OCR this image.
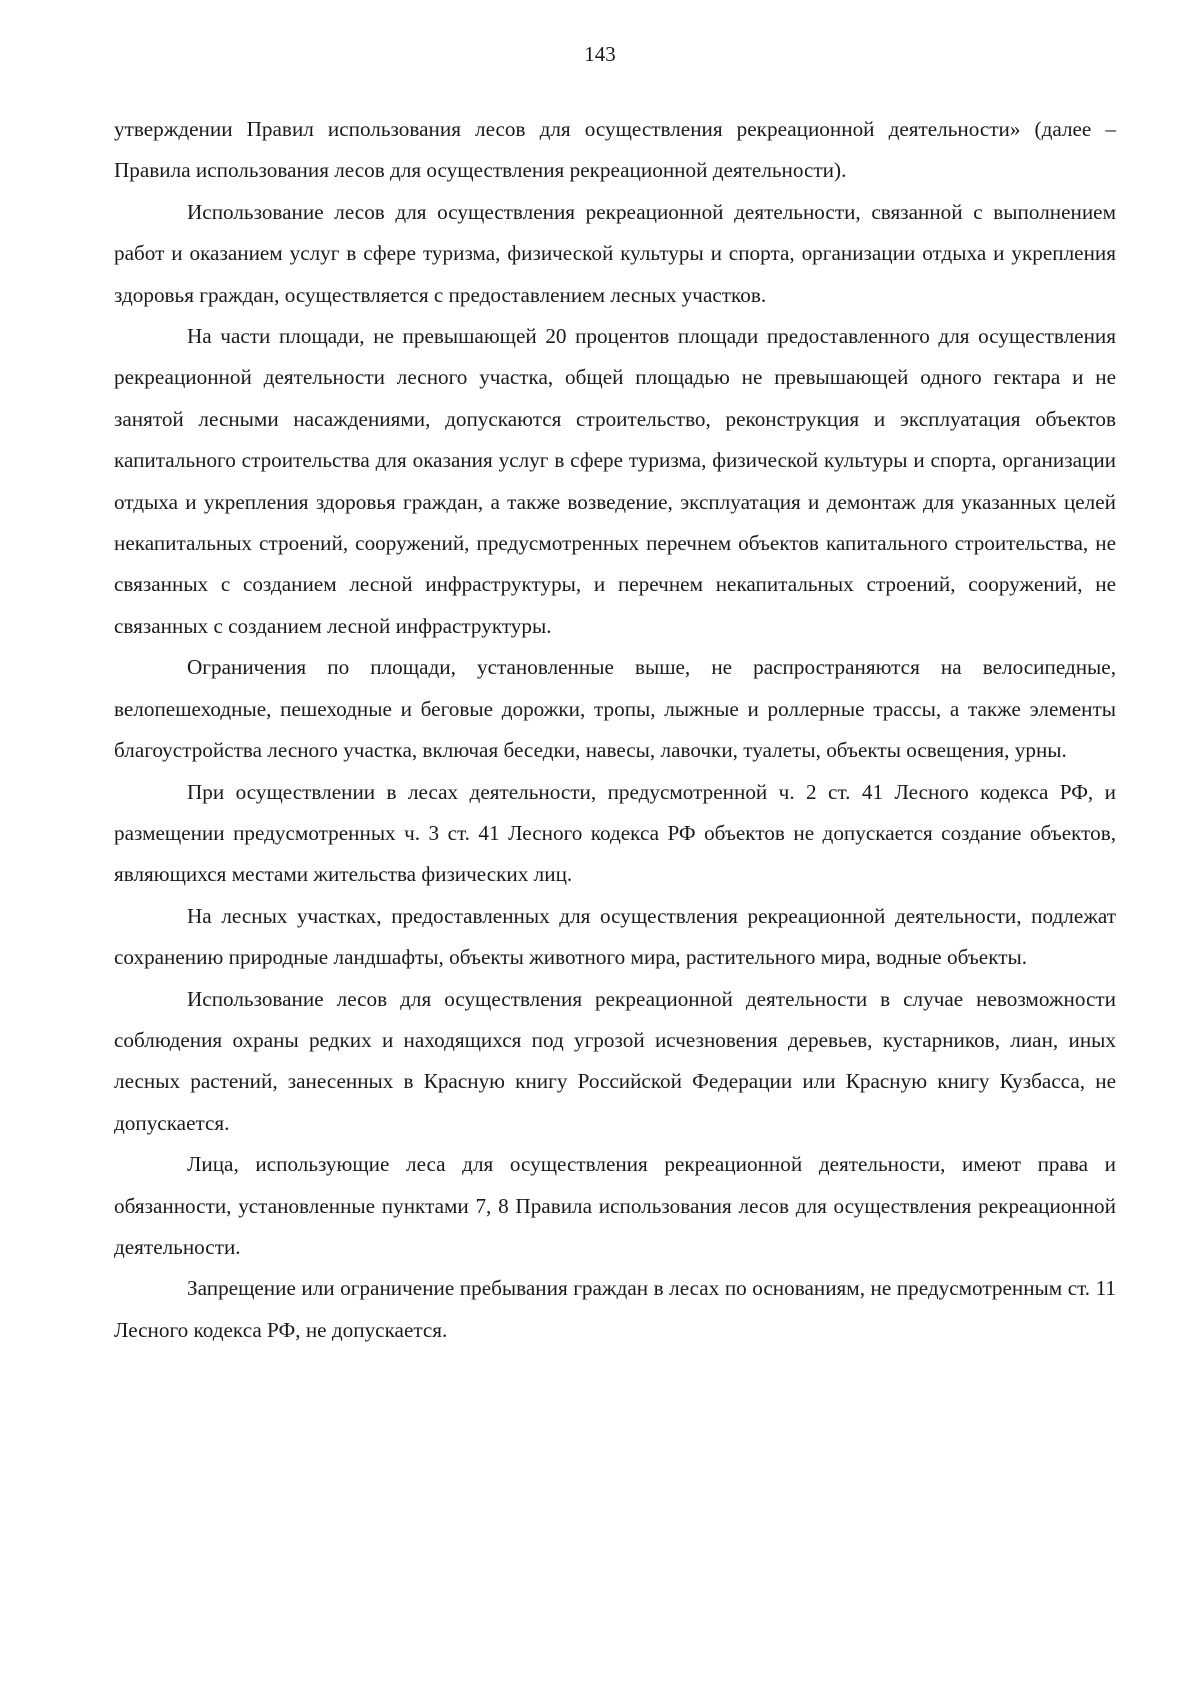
143

утверждении Правил использования лесов для осуществления рекреационной деятельности» (далее – Правила использования лесов для осуществления рекреационной деятельности).

Использование лесов для осуществления рекреационной деятельности, связанной с выполнением работ и оказанием услуг в сфере туризма, физической культуры и спорта, организации отдыха и укрепления здоровья граждан, осуществляется с предоставлением лесных участков.

На части площади, не превышающей 20 процентов площади предоставленного для осуществления рекреационной деятельности лесного участка, общей площадью не превышающей одного гектара и не занятой лесными насаждениями, допускаются строительство, реконструкция и эксплуатация объектов капитального строительства для оказания услуг в сфере туризма, физической культуры и спорта, организации отдыха и укрепления здоровья граждан, а также возведение, эксплуатация и демонтаж для указанных целей некапитальных строений, сооружений, предусмотренных перечнем объектов капитального строительства, не связанных с созданием лесной инфраструктуры, и перечнем некапитальных строений, сооружений, не связанных с созданием лесной инфраструктуры.

Ограничения по площади, установленные выше, не распространяются на велосипедные, велопешеходные, пешеходные и беговые дорожки, тропы, лыжные и роллерные трассы, а также элементы благоустройства лесного участка, включая беседки, навесы, лавочки, туалеты, объекты освещения, урны.

При осуществлении в лесах деятельности, предусмотренной ч. 2 ст. 41 Лесного кодекса РФ, и размещении предусмотренных ч. 3 ст. 41 Лесного кодекса РФ объектов не допускается создание объектов, являющихся местами жительства физических лиц.

На лесных участках, предоставленных для осуществления рекреационной деятельности, подлежат сохранению природные ландшафты, объекты животного мира, растительного мира, водные объекты.

Использование лесов для осуществления рекреационной деятельности в случае невозможности соблюдения охраны редких и находящихся под угрозой исчезновения деревьев, кустарников, лиан, иных лесных растений, занесенных в Красную книгу Российской Федерации или Красную книгу Кузбасса, не допускается.

Лица, использующие леса для осуществления рекреационной деятельности, имеют права и обязанности, установленные пунктами 7, 8 Правила использования лесов для осуществления рекреационной деятельности.

Запрещение или ограничение пребывания граждан в лесах по основаниям, не предусмотренным ст. 11 Лесного кодекса РФ, не допускается.
